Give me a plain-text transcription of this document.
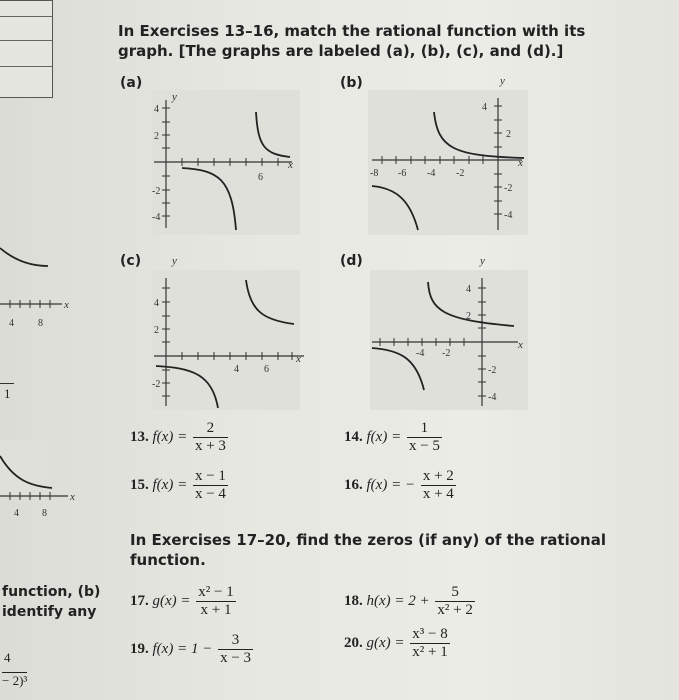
In Exercises 13–16, match the rational function with its
graph. [The graphs are labeled (a), (b), (c), and (d).]
(a)
y
x
4
2
6
-2
-4
(b)	y
x
4
2
-8 -6 -4 -2
-2
-4
(c)	y
x
4
2
4	6
-2
(d)	y
x
4
2
-4 -2
-2
-4
13. $f(x) = \frac{2}{x + 3}$	14. $f(x) = \frac{1}{x - 5}$
15. $f(x) = \frac{x - 1}{x - 4}$	16. f(x) = − $\frac{x + 2}{x + 4}$
In Exercises 17–20, find the zeros (if any) of the rational
function.
17. $g(x) = \frac{\text{x² − 1}}{x + 1}$	18. $h(x) = 2 + \frac{5}{\text{x² + 2}}$
19. $f(x) = 1 - \frac{3}{x - 3}$	20. $g(x) = \frac{\text{x³ − 8}}{\text{x² + 1}}$
x
4 8
1
x
4 8
function, (b)
identify any
$\frac{4}{\text{− 2)³}}$
